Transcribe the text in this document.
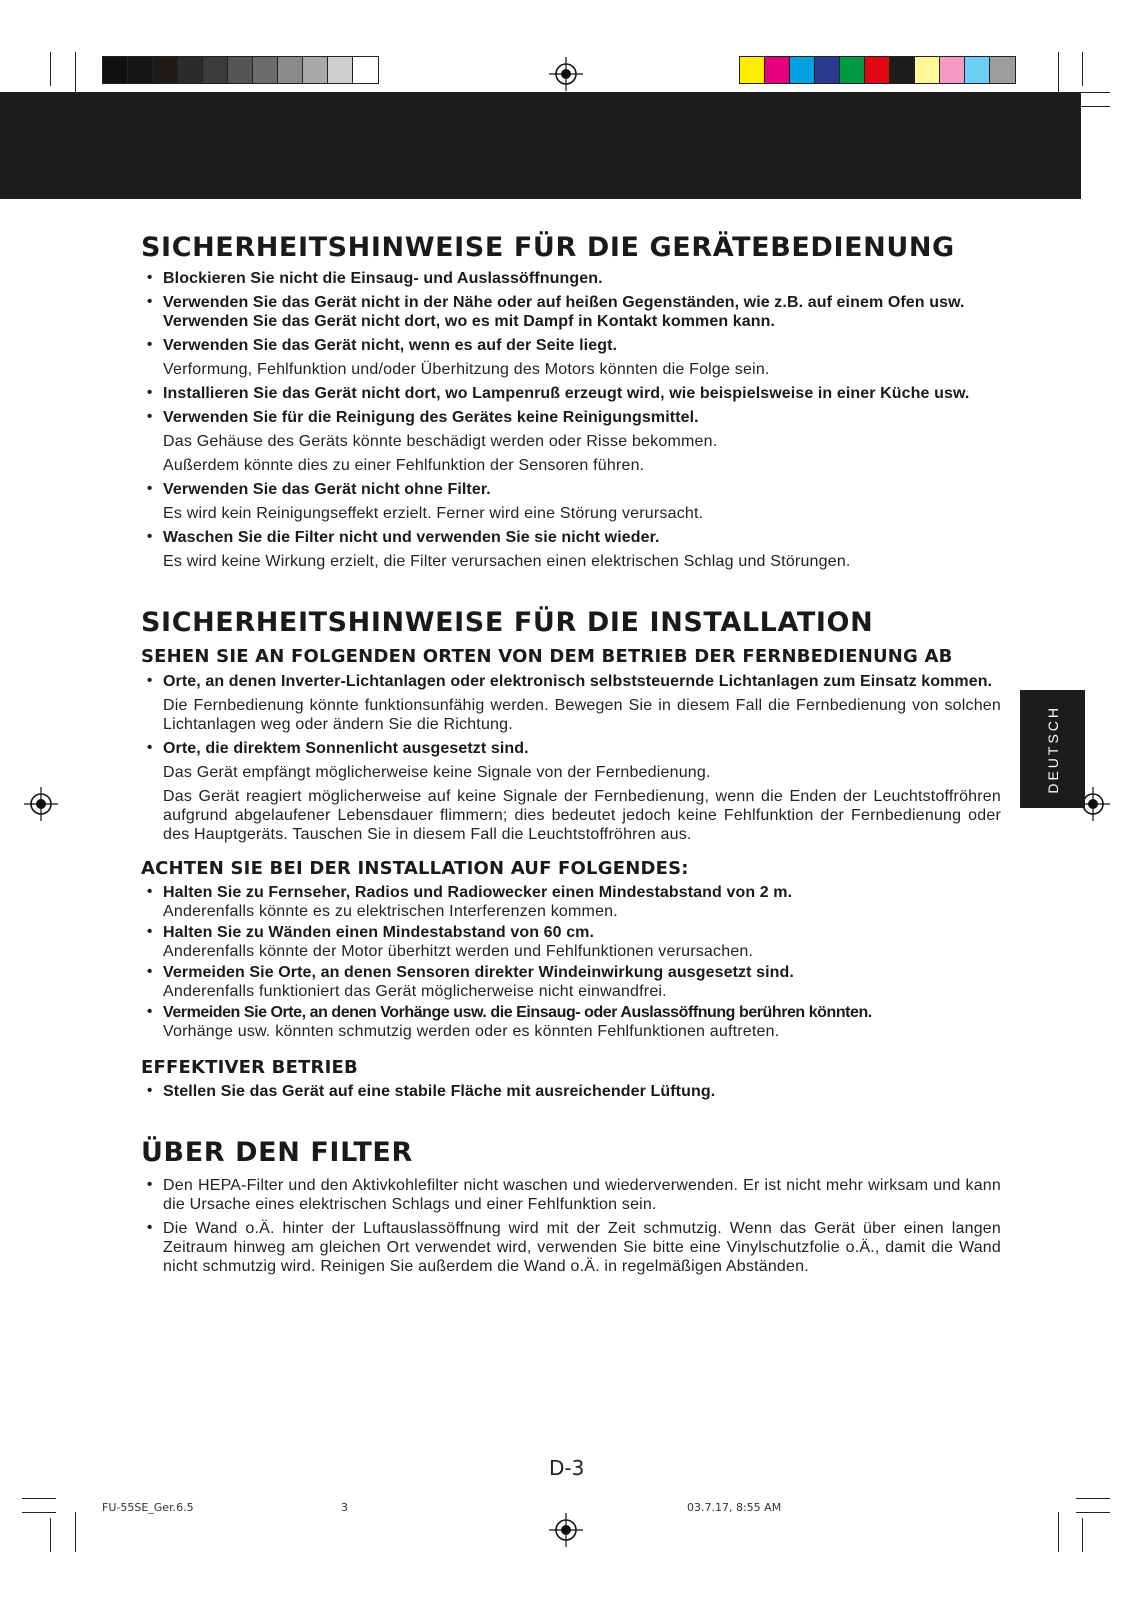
DEUTSCH
SICHERHEITSHINWEISE FÜR DIE GERÄTEBEDIENUNG
• Blockieren Sie nicht die Einsaug- und Auslassöffnungen.
• Verwenden Sie das Gerät nicht in der Nähe oder auf heißen Gegenständen, wie z.B. auf einem Ofen usw. Verwenden Sie das Gerät nicht dort, wo es mit Dampf in Kontakt kommen kann.
• Verwenden Sie das Gerät nicht, wenn es auf der Seite liegt.
Verformung, Fehlfunktion und/oder Überhitzung des Motors könnten die Folge sein.
• Installieren Sie das Gerät nicht dort, wo Lampenruß erzeugt wird, wie beispielsweise in einer Küche usw.
• Verwenden Sie für die Reinigung des Gerätes keine Reinigungsmittel.
Das Gehäuse des Geräts könnte beschädigt werden oder Risse bekommen.
Außerdem könnte dies zu einer Fehlfunktion der Sensoren führen.
• Verwenden Sie das Gerät nicht ohne Filter.
Es wird kein Reinigungseffekt erzielt. Ferner wird eine Störung verursacht.
• Waschen Sie die Filter nicht und verwenden Sie sie nicht wieder.
Es wird keine Wirkung erzielt, die Filter verursachen einen elektrischen Schlag und Störungen.
SICHERHEITSHINWEISE FÜR DIE INSTALLATION
SEHEN SIE AN FOLGENDEN ORTEN VON DEM BETRIEB DER FERNBEDIENUNG AB
• Orte, an denen Inverter-Lichtanlagen oder elektronisch selbststeuernde Lichtanlagen zum Einsatz kommen.
Die Fernbedienung könnte funktionsunfähig werden. Bewegen Sie in diesem Fall die Fernbedienung von solchen Lichtanlagen weg oder ändern Sie die Richtung.
• Orte, die direktem Sonnenlicht ausgesetzt sind.
Das Gerät empfängt möglicherweise keine Signale von der Fernbedienung.
Das Gerät reagiert möglicherweise auf keine Signale der Fernbedienung, wenn die Enden der Leuchtstoffröhren aufgrund abgelaufener Lebensdauer flimmern; dies bedeutet jedoch keine Fehlfunktion der Fernbedienung oder des Hauptgeräts. Tauschen Sie in diesem Fall die Leuchtstoffröhren aus.
ACHTEN SIE BEI DER INSTALLATION AUF FOLGENDES:
• Halten Sie zu Fernseher, Radios und Radiowecker einen Mindestabstand von 2 m.
Anderenfalls könnte es zu elektrischen Interferenzen kommen.
• Halten Sie zu Wänden einen Mindestabstand von 60 cm.
Anderenfalls könnte der Motor überhitzt werden und Fehlfunktionen verursachen.
• Vermeiden Sie Orte, an denen Sensoren direkter Windeinwirkung ausgesetzt sind.
Anderenfalls funktioniert das Gerät möglicherweise nicht einwandfrei.
• Vermeiden Sie Orte, an denen Vorhänge usw. die Einsaug- oder Auslassöffnung berühren könnten.
Vorhänge usw. könnten schmutzig werden oder es könnten Fehlfunktionen auftreten.
EFFEKTIVER BETRIEB
• Stellen Sie das Gerät auf eine stabile Fläche mit ausreichender Lüftung.
ÜBER DEN FILTER
• Den HEPA-Filter und den Aktivkohlefilter nicht waschen und wiederverwenden. Er ist nicht mehr wirksam und kann die Ursache eines elektrischen Schlags und einer Fehlfunktion sein.
• Die Wand o.Ä. hinter der Luftauslassöffnung wird mit der Zeit schmutzig. Wenn das Gerät über einen langen Zeitraum hinweg am gleichen Ort verwendet wird, verwenden Sie bitte eine Vinylschutzfolie o.Ä., damit die Wand nicht schmutzig wird. Reinigen Sie außerdem die Wand o.Ä. in regelmäßigen Abständen.
D-3
FU-55SE_Ger.6.5	3	03.7.17, 8:55 AM
